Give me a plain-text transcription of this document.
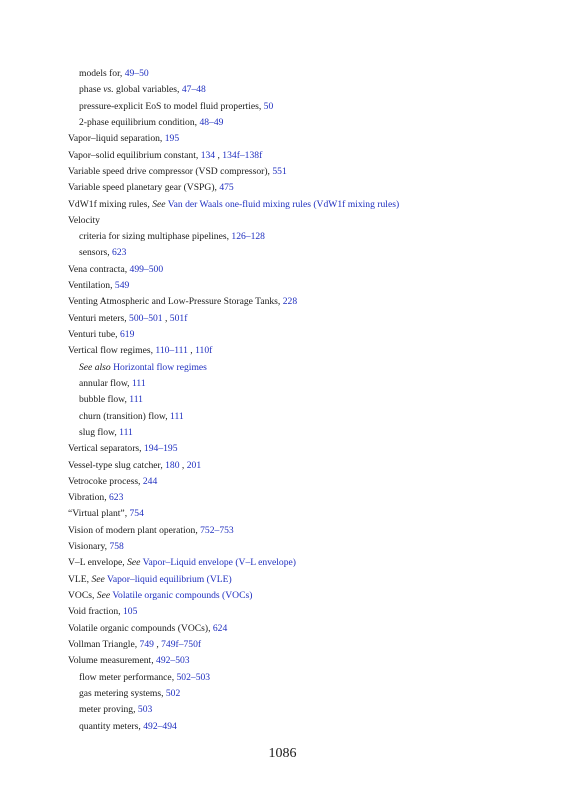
models for, 49–50
phase vs. global variables, 47–48
pressure-explicit EoS to model fluid properties, 50
2-phase equilibrium condition, 48–49
Vapor–liquid separation, 195
Vapor–solid equilibrium constant, 134 , 134f–138f
Variable speed drive compressor (VSD compressor), 551
Variable speed planetary gear (VSPG), 475
VdW1f mixing rules, See Van der Waals one-fluid mixing rules (VdW1f mixing rules)
Velocity
criteria for sizing multiphase pipelines, 126–128
sensors, 623
Vena contracta, 499–500
Ventilation, 549
Venting Atmospheric and Low-Pressure Storage Tanks, 228
Venturi meters, 500–501 , 501f
Venturi tube, 619
Vertical flow regimes, 110–111 , 110f
See also Horizontal flow regimes
annular flow, 111
bubble flow, 111
churn (transition) flow, 111
slug flow, 111
Vertical separators, 194–195
Vessel-type slug catcher, 180 , 201
Vetrocoke process, 244
Vibration, 623
“Virtual plant”, 754
Vision of modern plant operation, 752–753
Visionary, 758
V–L envelope, See Vapor–Liquid envelope (V–L envelope)
VLE, See Vapor–liquid equilibrium (VLE)
VOCs, See Volatile organic compounds (VOCs)
Void fraction, 105
Volatile organic compounds (VOCs), 624
Vollman Triangle, 749 , 749f–750f
Volume measurement, 492–503
flow meter performance, 502–503
gas metering systems, 502
meter proving, 503
quantity meters, 492–494
1086
